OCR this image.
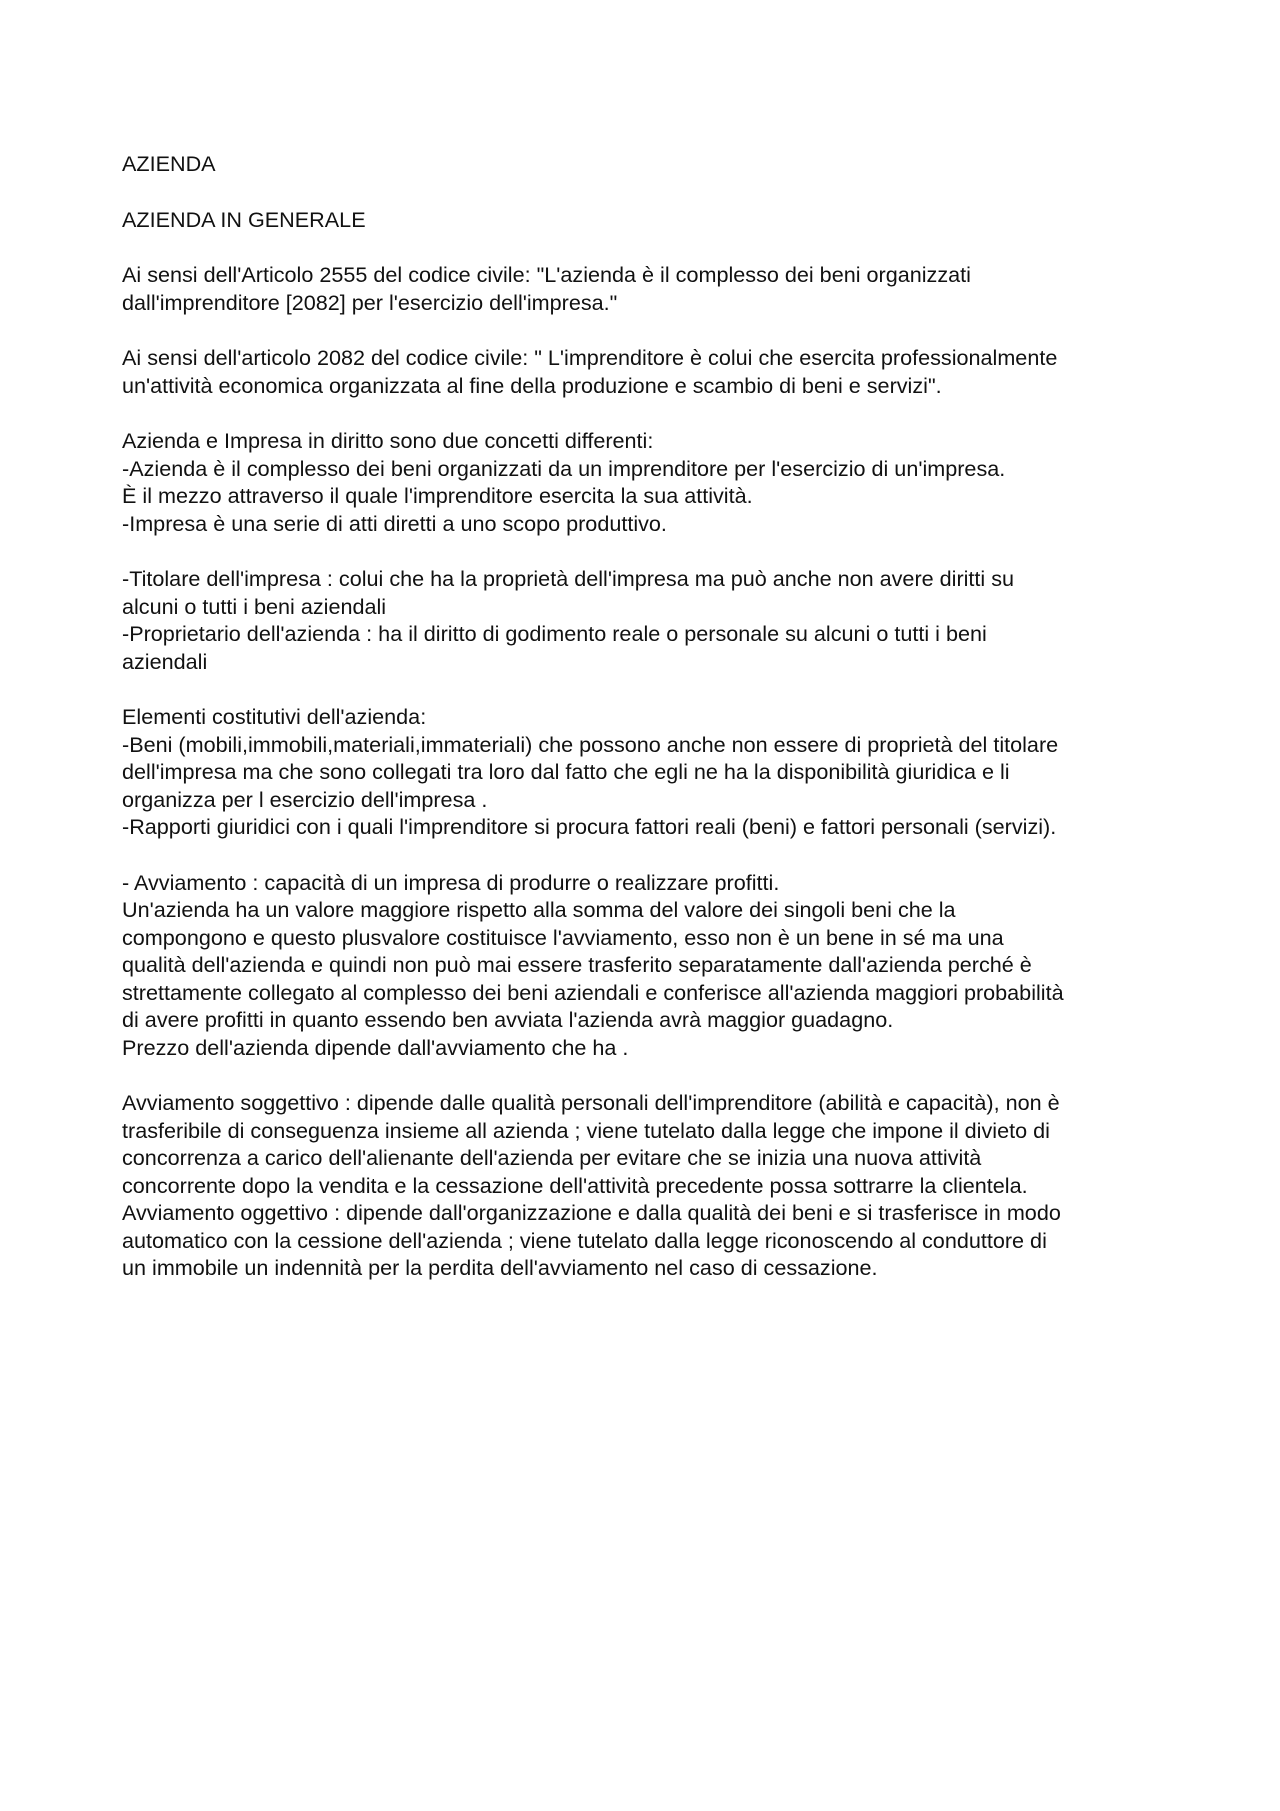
AZIENDA
AZIENDA IN GENERALE
Ai sensi dell'Articolo 2555 del codice civile: "L'azienda è il complesso dei beni organizzati
dall'imprenditore [2082] per l'esercizio dell'impresa."
Ai sensi dell'articolo 2082 del codice civile: " L'imprenditore è colui che esercita professionalmente
un'attività economica organizzata al fine della produzione e scambio di beni e servizi".
Azienda e Impresa in diritto sono due concetti differenti:
-Azienda è il complesso dei beni organizzati da un imprenditore per l'esercizio di un'impresa.
È il mezzo attraverso il quale l'imprenditore esercita la sua attività.
-Impresa è una serie di atti diretti a uno scopo produttivo.
-Titolare dell'impresa : colui che ha la proprietà dell'impresa ma può anche non avere diritti su
alcuni o tutti i beni aziendali
-Proprietario dell'azienda : ha il diritto di godimento reale o personale su alcuni o tutti i beni
aziendali
Elementi costitutivi dell'azienda:
-Beni (mobili,immobili,materiali,immateriali) che possono anche non essere di proprietà del titolare
dell'impresa ma che sono collegati tra loro dal fatto che egli ne ha la disponibilità giuridica e li
organizza per l esercizio dell'impresa .
-Rapporti giuridici con i quali l'imprenditore si procura fattori reali (beni) e fattori personali (servizi).
- Avviamento : capacità di un impresa di produrre o realizzare profitti.
Un'azienda ha un valore maggiore rispetto alla somma del valore dei singoli beni che la
compongono e questo plusvalore costituisce l'avviamento, esso non è un bene in sé ma una
qualità dell'azienda e quindi non può mai essere trasferito separatamente dall'azienda perché è
strettamente collegato al complesso dei beni aziendali e conferisce all'azienda maggiori probabilità
di avere profitti in quanto essendo ben avviata l'azienda avrà maggior guadagno.
Prezzo dell'azienda dipende dall'avviamento che ha .
Avviamento soggettivo : dipende dalle qualità personali dell'imprenditore (abilità e capacità), non è
trasferibile di conseguenza insieme all azienda ; viene tutelato dalla legge che impone il divieto di
concorrenza a carico dell'alienante dell'azienda per evitare che se inizia una nuova attività
concorrente dopo la vendita e la cessazione dell'attività precedente possa sottrarre la clientela.
Avviamento oggettivo : dipende dall'organizzazione e dalla qualità dei beni e si trasferisce in modo
automatico con la cessione dell'azienda ; viene tutelato dalla legge riconoscendo al conduttore di
un immobile un indennità per la perdita dell'avviamento nel caso di cessazione.
